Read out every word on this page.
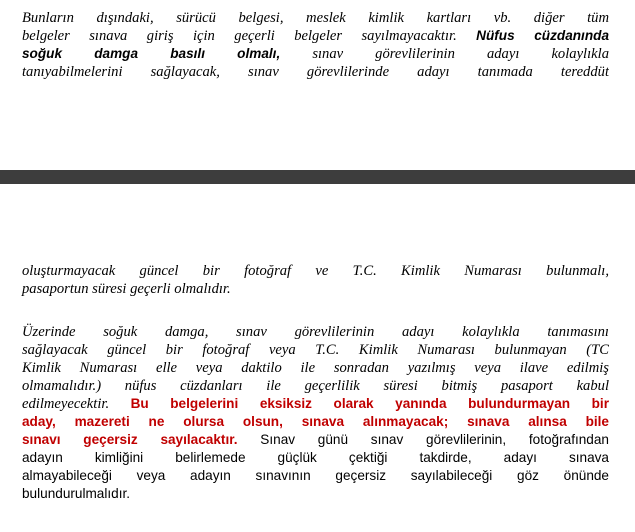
Bunların dışındaki, sürücü belgesi, meslek kimlik kartları vb. diğer tüm
belgeler sınava giriş için geçerli belgeler sayılmayacaktır. Nüfus cüzdanında
soğuk damga basılı olmalı, sınav görevlilerinin adayı kolaylıkla
tanıyabilmelerini sağlayacak, sınav görevlilerinde adayı tanımada tereddüt
oluşturmayacak güncel bir fotoğraf ve T.C. Kimlik Numarası bulunmalı,
pasaportun süresi geçerli olmalıdır.
Üzerinde soğuk damga, sınav görevlilerinin adayı kolaylıkla tanımasını
sağlayacak güncel bir fotoğraf veya T.C. Kimlik Numarası bulunmayan (TC
Kimlik Numarası elle veya daktilo ile sonradan yazılmış veya ilave edilmiş
olmamalıdır.) nüfus cüzdanları ile geçerlilik süresi bitmiş pasaport kabul
edilmeyecektir. Bu belgelerini eksiksiz olarak yanında bulundurmayan bir
aday, mazereti ne olursa olsun, sınava alınmayacak; sınava alınsa bile
sınavı geçersiz sayılacaktır. Sınav günü sınav görevlilerinin, fotoğrafından
adayın kimliğini belirlemede güçlük çektiği takdirde, adayı sınava
almayabileceği veya adayın sınavının geçersiz sayılabileceği göz önünde
bulundurulmalıdır.
